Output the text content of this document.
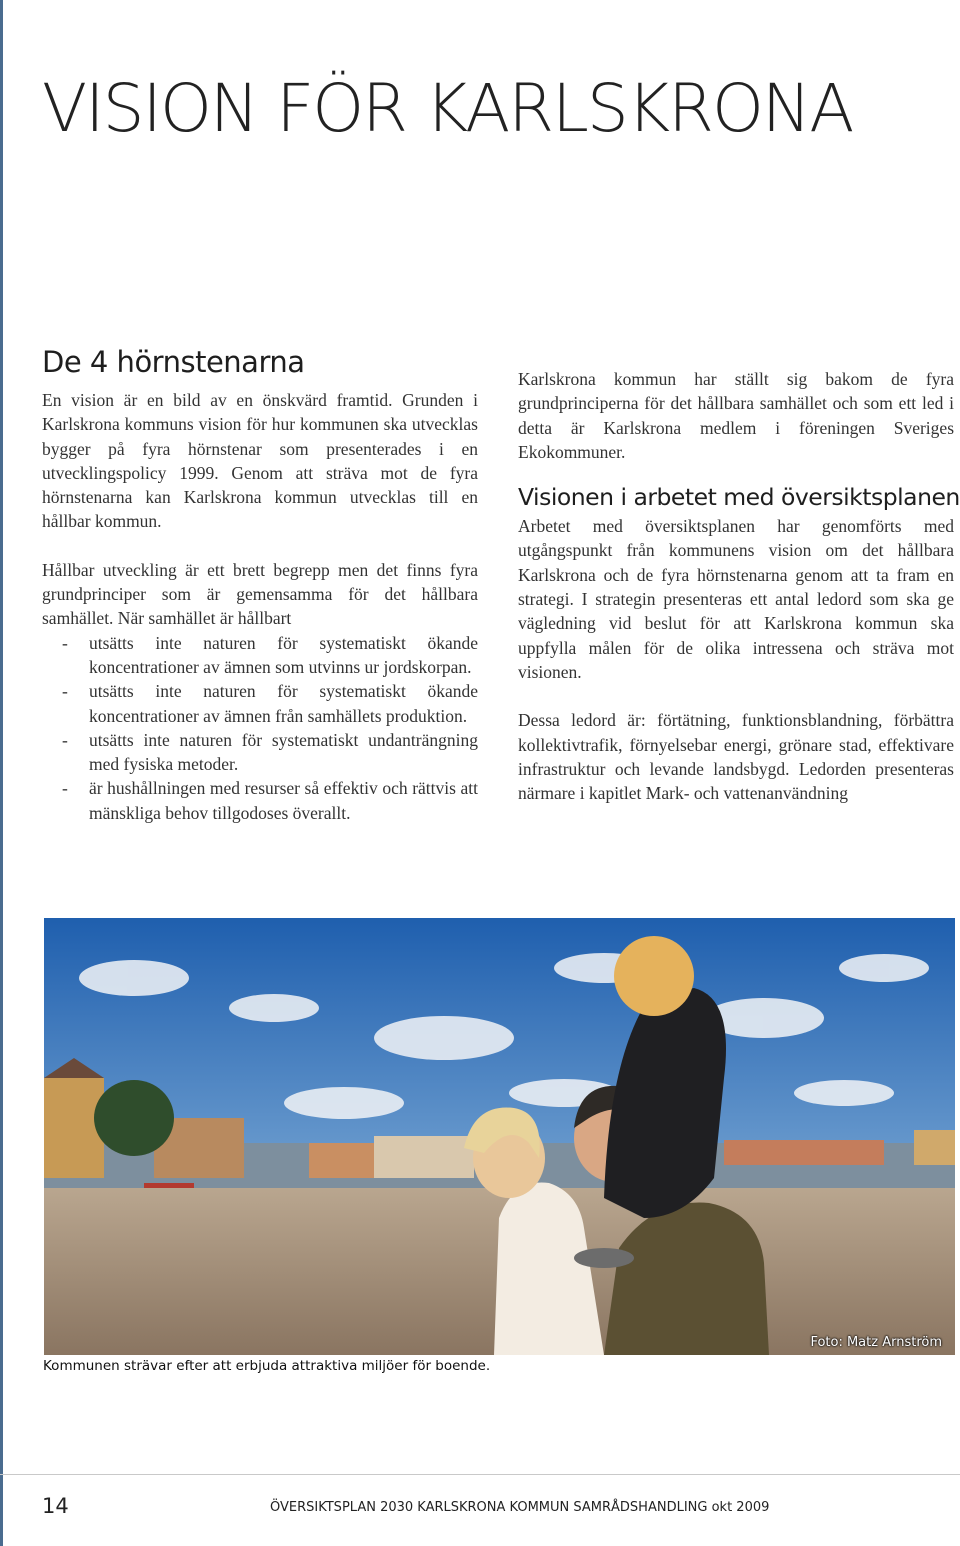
VISION FÖR KARLSKRONA
De 4 hörnstenarna

En vision är en bild av en önskvärd framtid. Grunden i Karlskrona kommuns vision för hur kommunen ska utvecklas bygger på fyra hörnstenar som presenterades i en utvecklingspolicy 1999. Genom att sträva mot de fyra hörnstenarna kan Karlskrona kommun utvecklas till en hållbar kommun.

Hållbar utveckling är ett brett begrepp men det finns fyra grundprinciper som är gemensamma för det hållbara samhället. När samhället är hållbart

- utsätts inte naturen för systematiskt ökande koncentrationer av ämnen som utvinns ur jordskorpan.
- utsätts inte naturen för systematiskt ökande koncentrationer av ämnen från samhällets produktion.
- utsätts inte naturen för systematiskt undanträngning med fysiska metoder.
- är hushållningen med resurser så effektiv och rättvis att mänskliga behov tillgodoses överallt.

Karlskrona kommun har ställt sig bakom de fyra grundprinciperna för det hållbara samhället och som ett led i detta är Karlskrona medlem i föreningen Sveriges Ekokommuner.

Visionen i arbetet med översiktsplanen

Arbetet med översiktsplanen har genomförts med utgångspunkt från kommunens vision om det hållbara Karlskrona och de fyra hörnstenarna genom att ta fram en strategi. I strategin presenteras ett antal ledord som ska ge vägledning vid beslut för att Karlskrona kommun ska uppfylla målen för de olika intressena och sträva mot visionen.

Dessa ledord är: förtätning, funktionsblandning, förbättra kollektivtrafik, förnyelsebar energi, grönare stad, effektivare infrastruktur och levande landsbygd. Ledorden presenteras närmare i kapitlet Mark- och vattenanvändning

Foto: Matz Arnström
Kommunen strävar efter att erbjuda attraktiva miljöer för boende.
14	ÖVERSIKTSPLAN 2030 KARLSKRONA KOMMUN SAMRÅDSHANDLING okt 2009
